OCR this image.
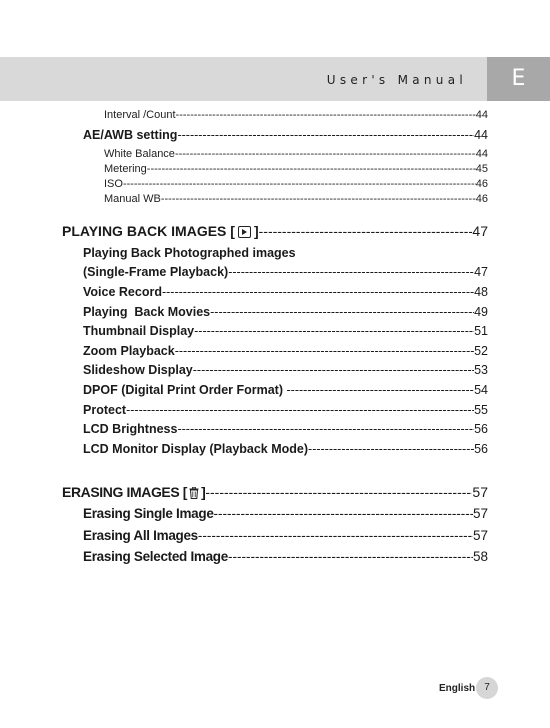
User's Manual	E
Interval /Count -----	44
AE/AWB setting -----	44
White Balance -----	44
Metering -----	45
ISO -----	46
Manual WB -----	46
PLAYING BACK IMAGES [ ] -----	47
Playing Back Photographed images
(Single-Frame Playback) -----	47
Voice Record -----	48
Playing  Back Movies -----	49
Thumbnail Display -----	51
Zoom Playback -----	52
Slideshow Display -----	53
DPOF (Digital Print Order Format) -----	54
Protect -----	55
LCD Brightness -----	56
LCD Monitor Display (Playback Mode) -----	56
ERASING IMAGES [ ] -----	57
Erasing Single Image -----	57
Erasing All Images -----	57
Erasing Selected Image -----	58
English 7
